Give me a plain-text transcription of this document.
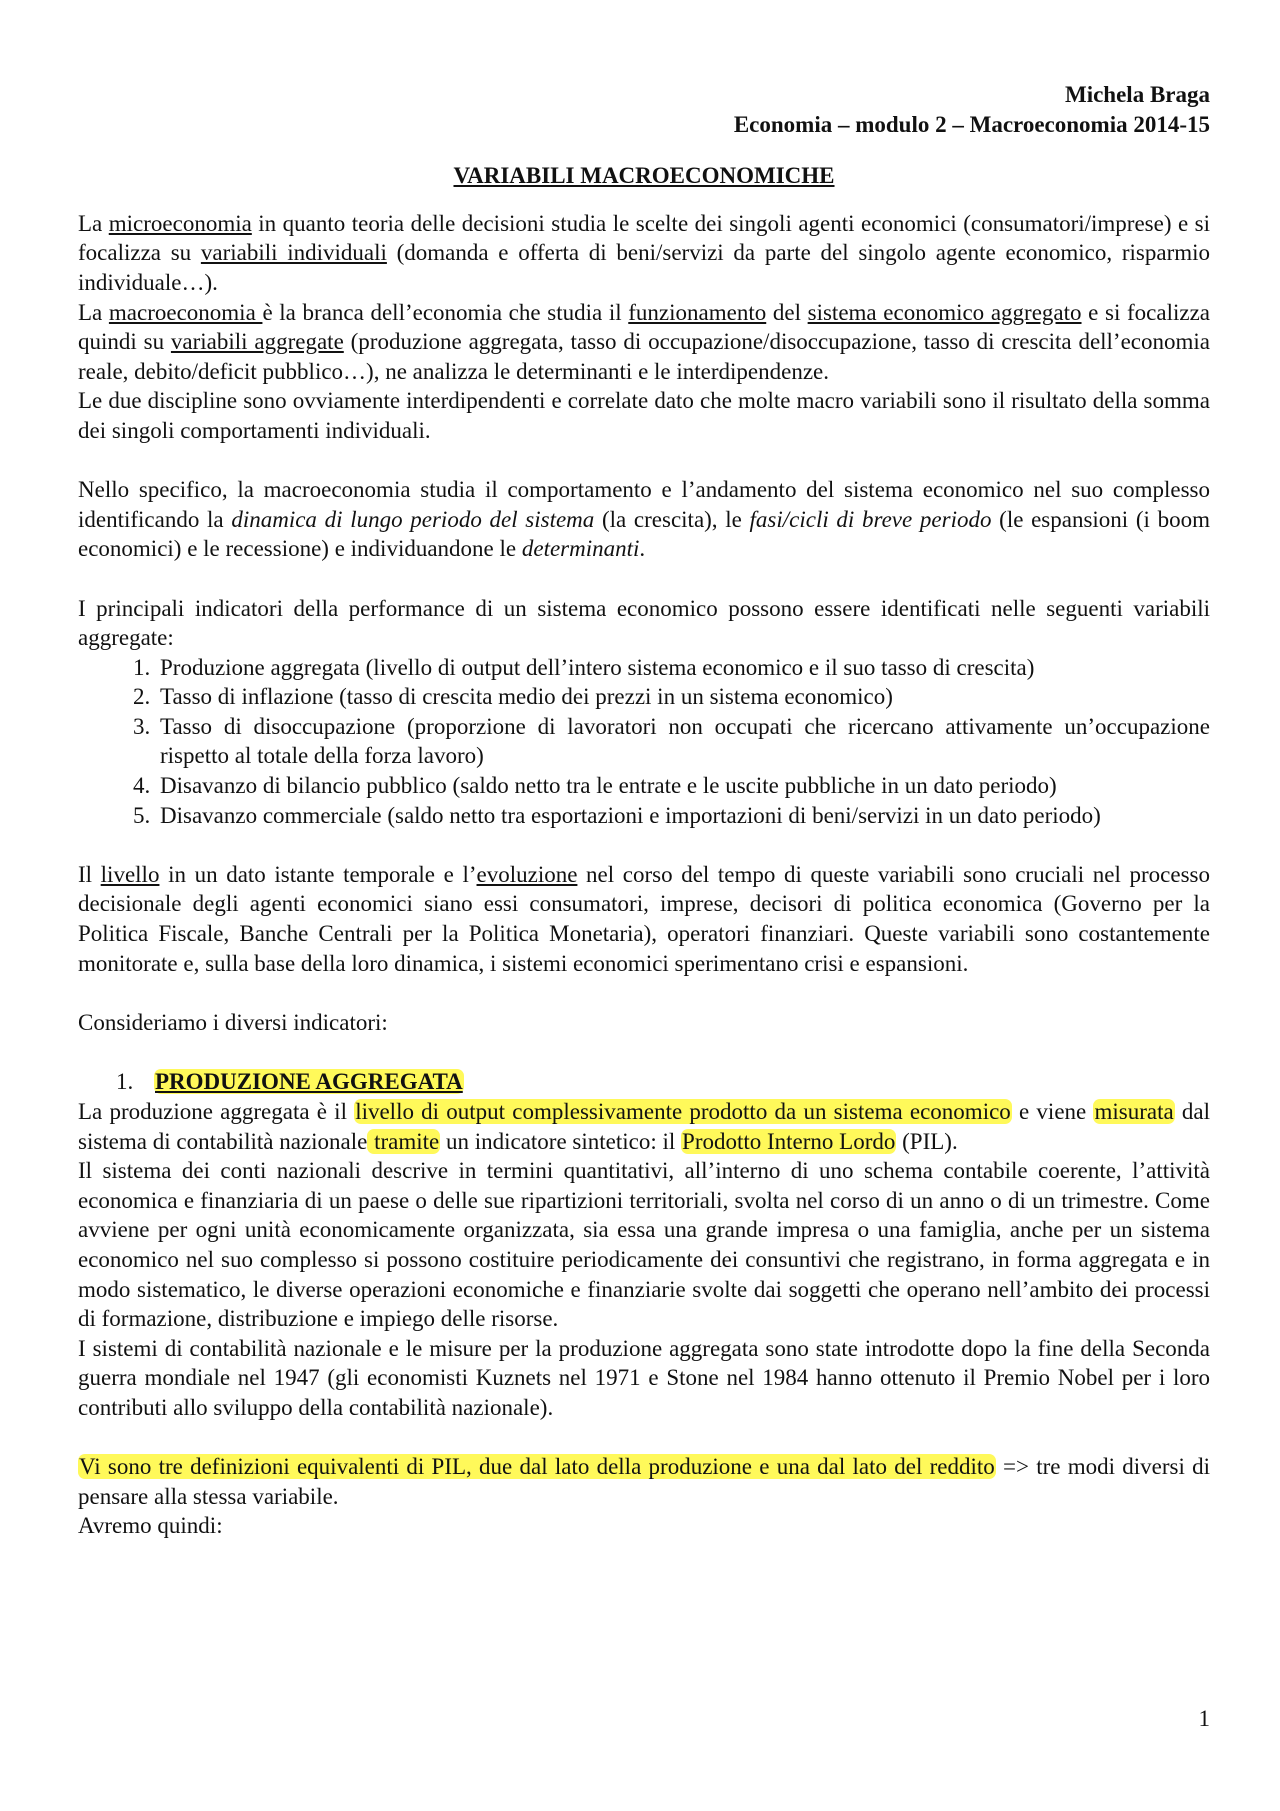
Michela Braga
Economia – modulo 2 – Macroeconomia 2014-15
VARIABILI MACROECONOMICHE

La microeconomia in quanto teoria delle decisioni studia le scelte dei singoli agenti economici (consumatori/imprese) e si focalizza su variabili individuali (domanda e offerta di beni/servizi da parte del singolo agente economico, risparmio individuale…).

La macroeconomia è la branca dell’economia che studia il funzionamento del sistema economico aggregato e si focalizza quindi su variabili aggregate (produzione aggregata, tasso di occupazione/disoccupazione, tasso di crescita dell’economia reale, debito/deficit pubblico…), ne analizza le determinanti e le interdipendenze.

Le due discipline sono ovviamente interdipendenti e correlate dato che molte macro variabili sono il risultato della somma dei singoli comportamenti individuali.

Nello specifico, la macroeconomia studia il comportamento e l’andamento del sistema economico nel suo complesso identificando la dinamica di lungo periodo del sistema (la crescita), le fasi/cicli di breve periodo (le espansioni (i boom economici) e le recessione) e individuandone le determinanti.

I principali indicatori della performance di un sistema economico possono essere identificati nelle seguenti variabili aggregate:

1. Produzione aggregata (livello di output dell’intero sistema economico e il suo tasso di crescita)
2. Tasso di inflazione (tasso di crescita medio dei prezzi in un sistema economico)
3. Tasso di disoccupazione (proporzione di lavoratori non occupati che ricercano attivamente un’occupazione rispetto al totale della forza lavoro)
4. Disavanzo di bilancio pubblico (saldo netto tra le entrate e le uscite pubbliche in un dato periodo)
5. Disavanzo commerciale (saldo netto tra esportazioni e importazioni di beni/servizi in un dato periodo)

Il livello in un dato istante temporale e l’evoluzione nel corso del tempo di queste variabili sono cruciali nel processo decisionale degli agenti economici siano essi consumatori, imprese, decisori di politica economica (Governo per la Politica Fiscale, Banche Centrali per la Politica Monetaria), operatori finanziari. Queste variabili sono costantemente monitorate e, sulla base della loro dinamica, i sistemi economici sperimentano crisi e espansioni.

Consideriamo i diversi indicatori:

1. PRODUZIONE AGGREGATA

La produzione aggregata è il livello di output complessivamente prodotto da un sistema economico e viene misurata dal sistema di contabilità nazionale tramite un indicatore sintetico: il Prodotto Interno Lordo (PIL).

Il sistema dei conti nazionali descrive in termini quantitativi, all’interno di uno schema contabile coerente, l’attività economica e finanziaria di un paese o delle sue ripartizioni territoriali, svolta nel corso di un anno o di un trimestre. Come avviene per ogni unità economicamente organizzata, sia essa una grande impresa o una famiglia, anche per un sistema economico nel suo complesso si possono costituire periodicamente dei consuntivi che registrano, in forma aggregata e in modo sistematico, le diverse operazioni economiche e finanziarie svolte dai soggetti che operano nell’ambito dei processi di formazione, distribuzione e impiego delle risorse.

I sistemi di contabilità nazionale e le misure per la produzione aggregata sono state introdotte dopo la fine della Seconda guerra mondiale nel 1947 (gli economisti Kuznets nel 1971 e Stone nel 1984 hanno ottenuto il Premio Nobel per i loro contributi allo sviluppo della contabilità nazionale).

Vi sono tre definizioni equivalenti di PIL, due dal lato della produzione e una dal lato del reddito => tre modi diversi di pensare alla stessa variabile.

Avremo quindi:

1
